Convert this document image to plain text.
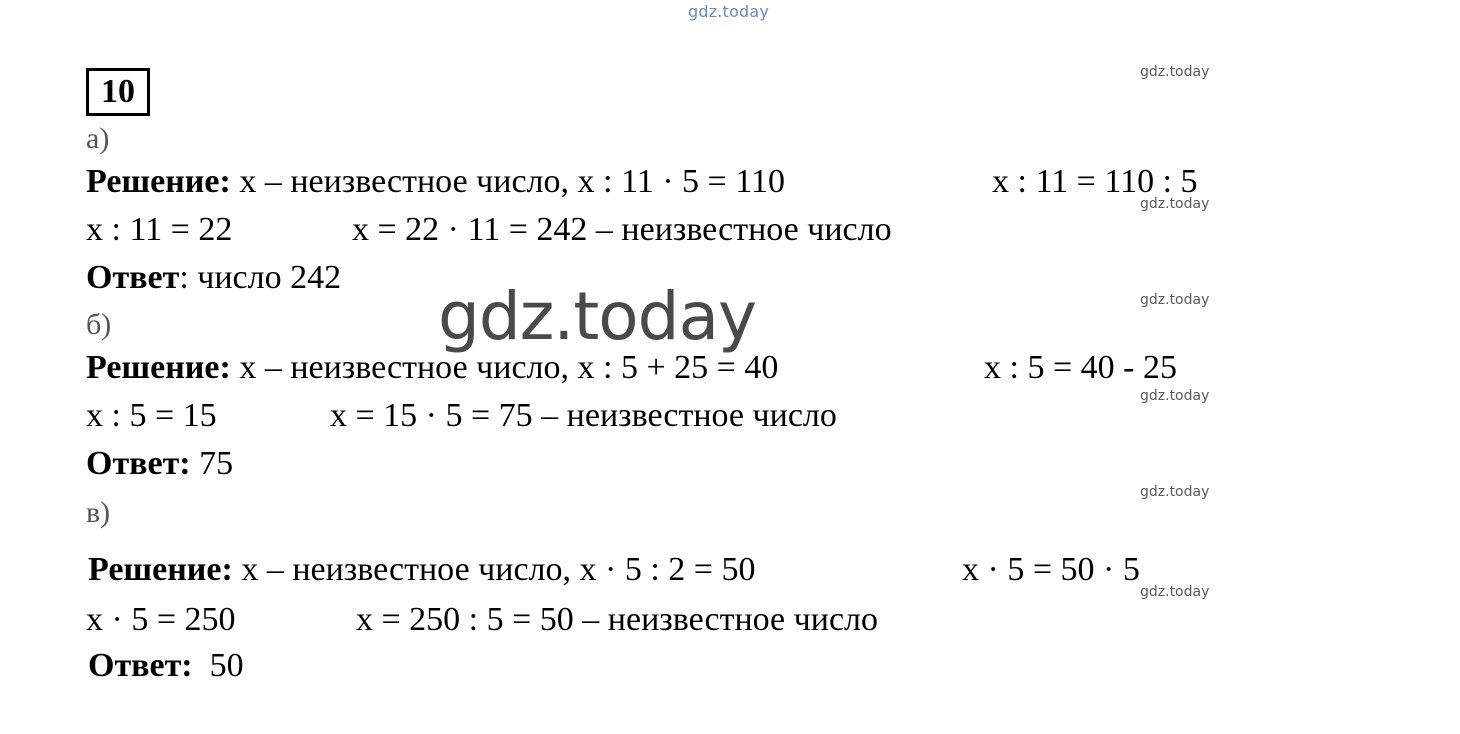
gdz.today
gdz.today
gdz.today
gdz.today
gdz.today
gdz.today
gdz.today
10
а)
Решение: x – неизвестное число, x : 11 · 5 = 110	x : 11 = 110 : 5
x : 11 = 22	x = 22 · 11 = 242 – неизвестное число
Ответ: число 242
gdz.today
б)
Решение: x – неизвестное число, x : 5 + 25 = 40	x : 5 = 40 - 25
x : 5 = 15	x = 15 · 5 = 75 – неизвестное число
Ответ: 75
в)
Решение: x – неизвестное число, x · 5 : 2 = 50	x · 5 = 50 · 5
x · 5 = 250	x = 250 : 5 = 50 – неизвестное число
Ответ:  50
